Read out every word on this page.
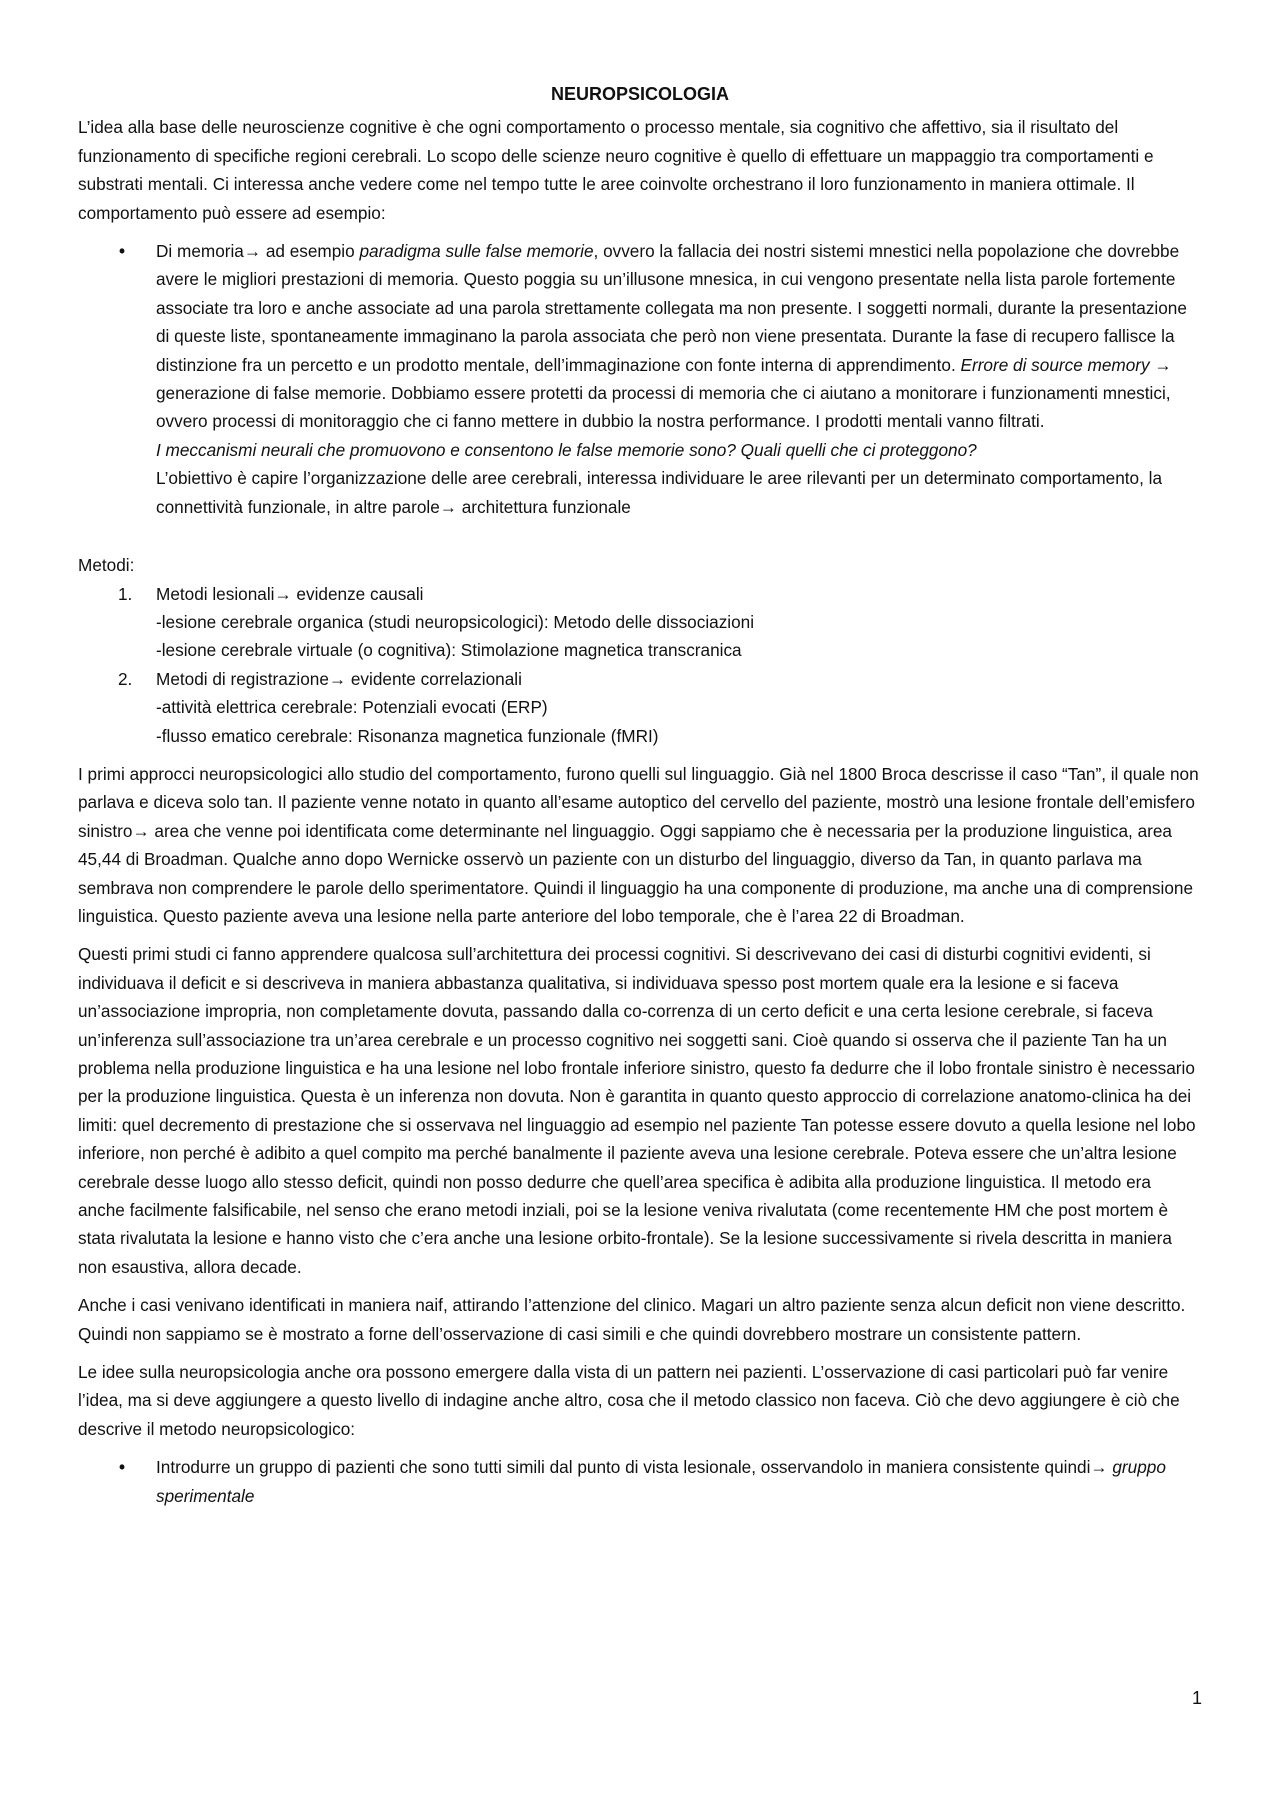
NEUROPSICOLOGIA

L’idea alla base delle neuroscienze cognitive è che ogni comportamento o processo mentale, sia cognitivo che affettivo, sia il risultato del funzionamento di specifiche regioni cerebrali. Lo scopo delle scienze neuro cognitive è quello di effettuare un mappaggio tra comportamenti e substrati mentali. Ci interessa anche vedere come nel tempo tutte le aree coinvolte orchestrano il loro funzionamento in maniera ottimale. Il comportamento può essere ad esempio:

• Di memoria→ ad esempio paradigma sulle false memorie, ovvero la fallacia dei nostri sistemi mnestici nella popolazione che dovrebbe avere le migliori prestazioni di memoria. Questo poggia su un’illusone mnesica, in cui vengono presentate nella lista parole fortemente associate tra loro e anche associate ad una parola strettamente collegata ma non presente. I soggetti normali, durante la presentazione di queste liste, spontaneamente immaginano la parola associata che però non viene presentata. Durante la fase di recupero fallisce la distinzione fra un percetto e un prodotto mentale, dell’immaginazione con fonte interna di apprendimento. Errore di source memory → generazione di false memorie. Dobbiamo essere protetti da processi di memoria che ci aiutano a monitorare i funzionamenti mnestici, ovvero processi di monitoraggio che ci fanno mettere in dubbio la nostra performance. I prodotti mentali vanno filtrati.
I meccanismi neurali che promuovono e consentono le false memorie sono? Quali quelli che ci proteggono?
L’obiettivo è capire l’organizzazione delle aree cerebrali, interessa individuare le aree rilevanti per un determinato comportamento, la connettività funzionale, in altre parole→ architettura funzionale
Metodi:
1. Metodi lesionali→ evidenze causali
-lesione cerebrale organica (studi neuropsicologici): Metodo delle dissociazioni
-lesione cerebrale virtuale (o cognitiva): Stimolazione magnetica transcranica
2. Metodi di registrazione→ evidente correlazionali
-attività elettrica cerebrale: Potenziali evocati (ERP)
-flusso ematico cerebrale: Risonanza magnetica funzionale (fMRI)

I primi approcci neuropsicologici allo studio del comportamento, furono quelli sul linguaggio. Già nel 1800 Broca descrisse il caso “Tan”, il quale non parlava e diceva solo tan. Il paziente venne notato in quanto all’esame autoptico del cervello del paziente, mostrò una lesione frontale dell’emisfero sinistro→ area che venne poi identificata come determinante nel linguaggio. Oggi sappiamo che è necessaria per la produzione linguistica, area 45,44 di Broadman. Qualche anno dopo Wernicke osservò un paziente con un disturbo del linguaggio, diverso da Tan, in quanto parlava ma sembrava non comprendere le parole dello sperimentatore. Quindi il linguaggio ha una componente di produzione, ma anche una di comprensione linguistica. Questo paziente aveva una lesione nella parte anteriore del lobo temporale, che è l’area 22 di Broadman.

Questi primi studi ci fanno apprendere qualcosa sull’architettura dei processi cognitivi. Si descrivevano dei casi di disturbi cognitivi evidenti, si individuava il deficit e si descriveva in maniera abbastanza qualitativa, si individuava spesso post mortem quale era la lesione e si faceva un’associazione impropria, non completamente dovuta, passando dalla co-correnza di un certo deficit e una certa lesione cerebrale, si faceva un’inferenza sull’associazione tra un’area cerebrale e un processo cognitivo nei soggetti sani. Cioè quando si osserva che il paziente Tan ha un problema nella produzione linguistica e ha una lesione nel lobo frontale inferiore sinistro, questo fa dedurre che il lobo frontale sinistro è necessario per la produzione linguistica. Questa è un inferenza non dovuta. Non è garantita in quanto questo approccio di correlazione anatomo-clinica ha dei limiti: quel decremento di prestazione che si osservava nel linguaggio ad esempio nel paziente Tan potesse essere dovuto a quella lesione nel lobo inferiore, non perché è adibito a quel compito ma perché banalmente il paziente aveva una lesione cerebrale. Poteva essere che un’altra lesione cerebrale desse luogo allo stesso deficit, quindi non posso dedurre che quell’area specifica è adibita alla produzione linguistica. Il metodo era anche facilmente falsificabile, nel senso che erano metodi inziali, poi se la lesione veniva rivalutata (come recentemente HM che post mortem è stata rivalutata la lesione e hanno visto che c’era anche una lesione orbito-frontale). Se la lesione successivamente si rivela descritta in maniera non esaustiva, allora decade.

Anche i casi venivano identificati in maniera naif, attirando l’attenzione del clinico. Magari un altro paziente senza alcun deficit non viene descritto. Quindi non sappiamo se è mostrato a forne dell’osservazione di casi simili e che quindi dovrebbero mostrare un consistente pattern.

Le idee sulla neuropsicologia anche ora possono emergere dalla vista di un pattern nei pazienti. L’osservazione di casi particolari può far venire l’idea, ma si deve aggiungere a questo livello di indagine anche altro, cosa che il metodo classico non faceva. Ciò che devo aggiungere è ciò che descrive il metodo neuropsicologico:

• Introdurre un gruppo di pazienti che sono tutti simili dal punto di vista lesionale, osservandolo in maniera consistente quindi→ gruppo sperimentale
1
